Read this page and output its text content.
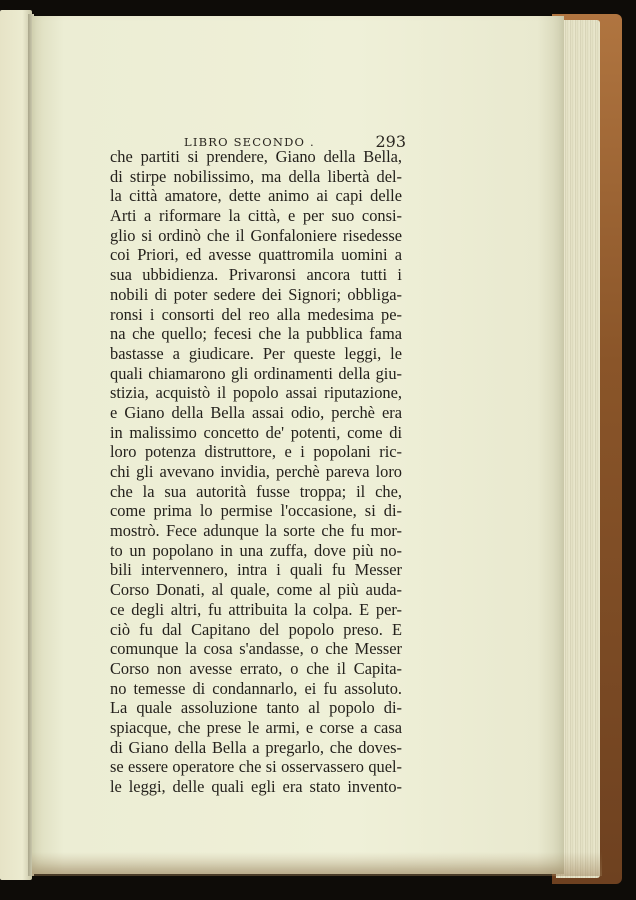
LIBRO SECONDO .	293
che partiti si prendere, Giano della Bella,
di stirpe nobilissimo, ma della libertà del-
la città amatore, dette animo ai capi delle
Arti a riformare la città, e per suo consi-
glio si ordinò che il Gonfaloniere risedesse
coi Priori, ed avesse quattromila uomini a
sua ubbidienza. Privaronsi ancora tutti i
nobili di poter sedere dei Signori; obbliga-
ronsi i consorti del reo alla medesima pe-
na che quello; fecesi che la pubblica fama
bastasse a giudicare. Per queste leggi, le
quali chiamarono gli ordinamenti della giu-
stizia, acquistò il popolo assai riputazione,
e Giano della Bella assai odio, perchè era
in malissimo concetto de' potenti, come di
loro potenza distruttore, e i popolani ric-
chi gli avevano invidia, perchè pareva loro
che la sua autorità fusse troppa; il che,
come prima lo permise l'occasione, si di-
mostrò. Fece adunque la sorte che fu mor-
to un popolano in una zuffa, dove più no-
bili intervennero, intra i quali fu Messer
Corso Donati, al quale, come al più auda-
ce degli altri, fu attribuita la colpa. E per-
ciò fu dal Capitano del popolo preso. E
comunque la cosa s'andasse, o che Messer
Corso non avesse errato, o che il Capita-
no temesse di condannarlo, ei fu assoluto.
La quale assoluzione tanto al popolo di-
spiacque, che prese le armi, e corse a casa
di Giano della Bella a pregarlo, che doves-
se essere operatore che si osservassero quel-
le leggi, delle quali egli era stato invento-
